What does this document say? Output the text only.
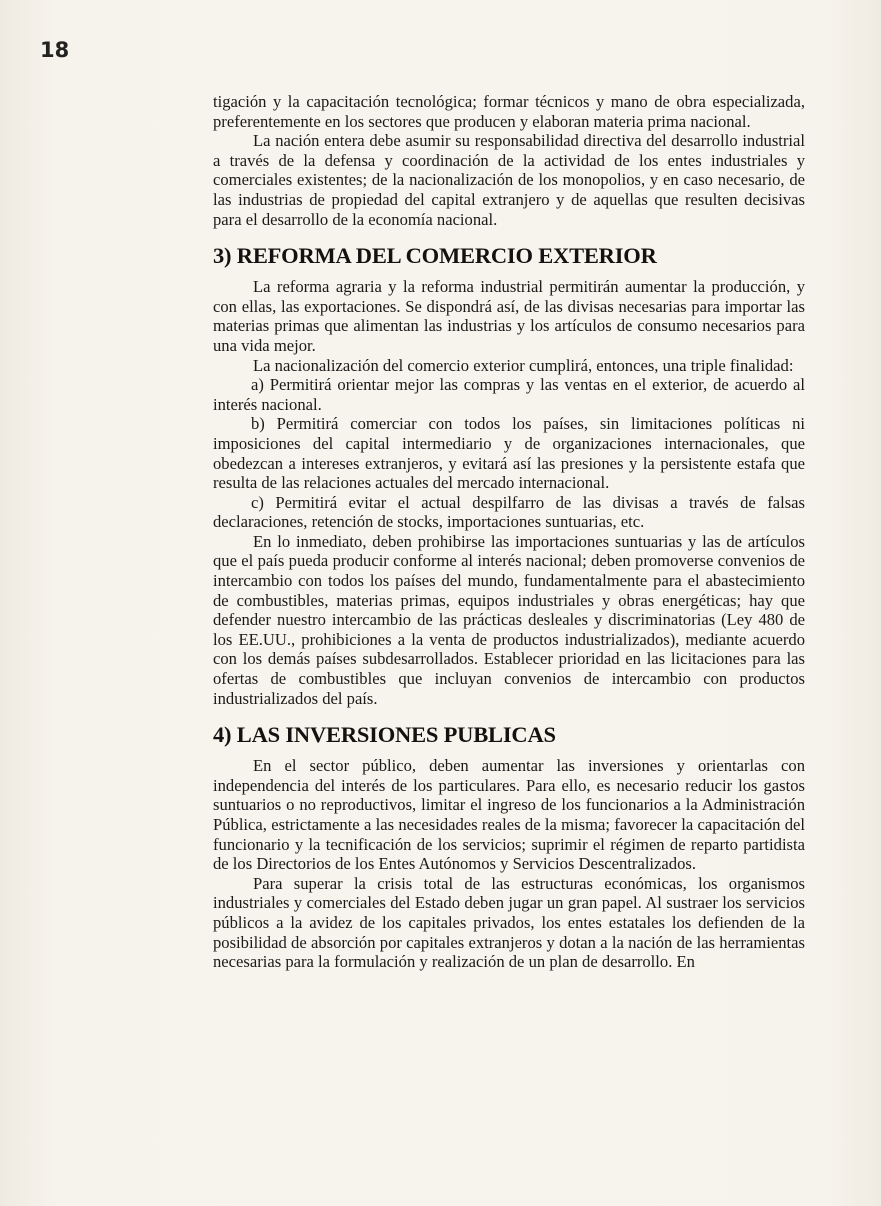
18

tigación y la capacitación tecnológica; formar técnicos y mano de obra especializada, preferentemente en los sectores que producen y elaboran materia prima nacional.

La nación entera debe asumir su responsabilidad directiva del desarrollo industrial a través de la defensa y coordinación de la actividad de los entes industriales y comerciales existentes; de la nacionalización de los monopolios, y en caso necesario, de las industrias de propiedad del capital extranjero y de aquellas que resulten decisivas para el desarrollo de la economía nacional.

3) REFORMA DEL COMERCIO EXTERIOR

La reforma agraria y la reforma industrial permitirán aumentar la producción, y con ellas, las exportaciones. Se dispondrá así, de las divisas necesarias para importar las materias primas que alimentan las industrias y los artículos de consumo necesarios para una vida mejor.

La nacionalización del comercio exterior cumplirá, entonces, una triple finalidad:

a) Permitirá orientar mejor las compras y las ventas en el exterior, de acuerdo al interés nacional.

b) Permitirá comerciar con todos los países, sin limitaciones políticas ni imposiciones del capital intermediario y de organizaciones internacionales, que obedezcan a intereses extranjeros, y evitará así las presiones y la persistente estafa que resulta de las relaciones actuales del mercado internacional.

c) Permitirá evitar el actual despilfarro de las divisas a través de falsas declaraciones, retención de stocks, importaciones suntuarias, etc.

En lo inmediato, deben prohibirse las importaciones suntuarias y las de artículos que el país pueda producir conforme al interés nacional; deben promoverse convenios de intercambio con todos los países del mundo, fundamentalmente para el abastecimiento de combustibles, materias primas, equipos industriales y obras energéticas; hay que defender nuestro intercambio de las prácticas desleales y discriminatorias (Ley 480 de los EE.UU., prohibiciones a la venta de productos industrializados), mediante acuerdo con los demás países subdesarrollados. Establecer prioridad en las licitaciones para las ofertas de combustibles que incluyan convenios de intercambio con productos industrializados del país.

4) LAS INVERSIONES PUBLICAS

En el sector público, deben aumentar las inversiones y orientarlas con independencia del interés de los particulares. Para ello, es necesario reducir los gastos suntuarios o no reproductivos, limitar el ingreso de los funcionarios a la Administración Pública, estrictamente a las necesidades reales de la misma; favorecer la capacitación del funcionario y la tecnificación de los servicios; suprimir el régimen de reparto partidista de los Directorios de los Entes Autónomos y Servicios Descentralizados.

Para superar la crisis total de las estructuras económicas, los organismos industriales y comerciales del Estado deben jugar un gran papel. Al sustraer los servicios públicos a la avidez de los capitales privados, los entes estatales los defienden de la posibilidad de absorción por capitales extranjeros y dotan a la nación de las herramientas necesarias para la formulación y realización de un plan de desarrollo. En
